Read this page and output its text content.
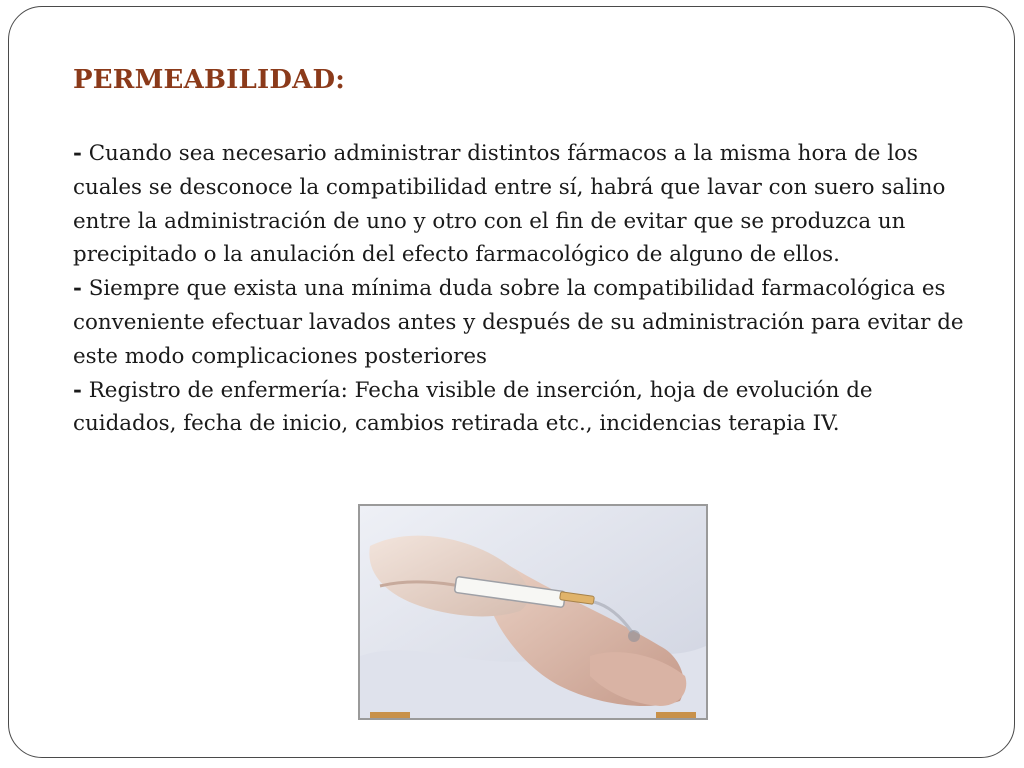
PERMEABILIDAD:
- Cuando sea necesario administrar distintos fármacos a la misma hora de los cuales se desconoce la compatibilidad entre sí, habrá que lavar con suero salino entre la administración de uno y otro con el fin de evitar que se produzca un precipitado o la anulación del efecto farmacológico de alguno de ellos.
- Siempre que exista una mínima duda sobre la compatibilidad farmacológica es conveniente efectuar lavados antes y después de su administración para evitar de este modo complicaciones posteriores
- Registro de enfermería: Fecha visible de inserción, hoja de evolución de cuidados, fecha de inicio, cambios retirada etc., incidencias terapia IV.
